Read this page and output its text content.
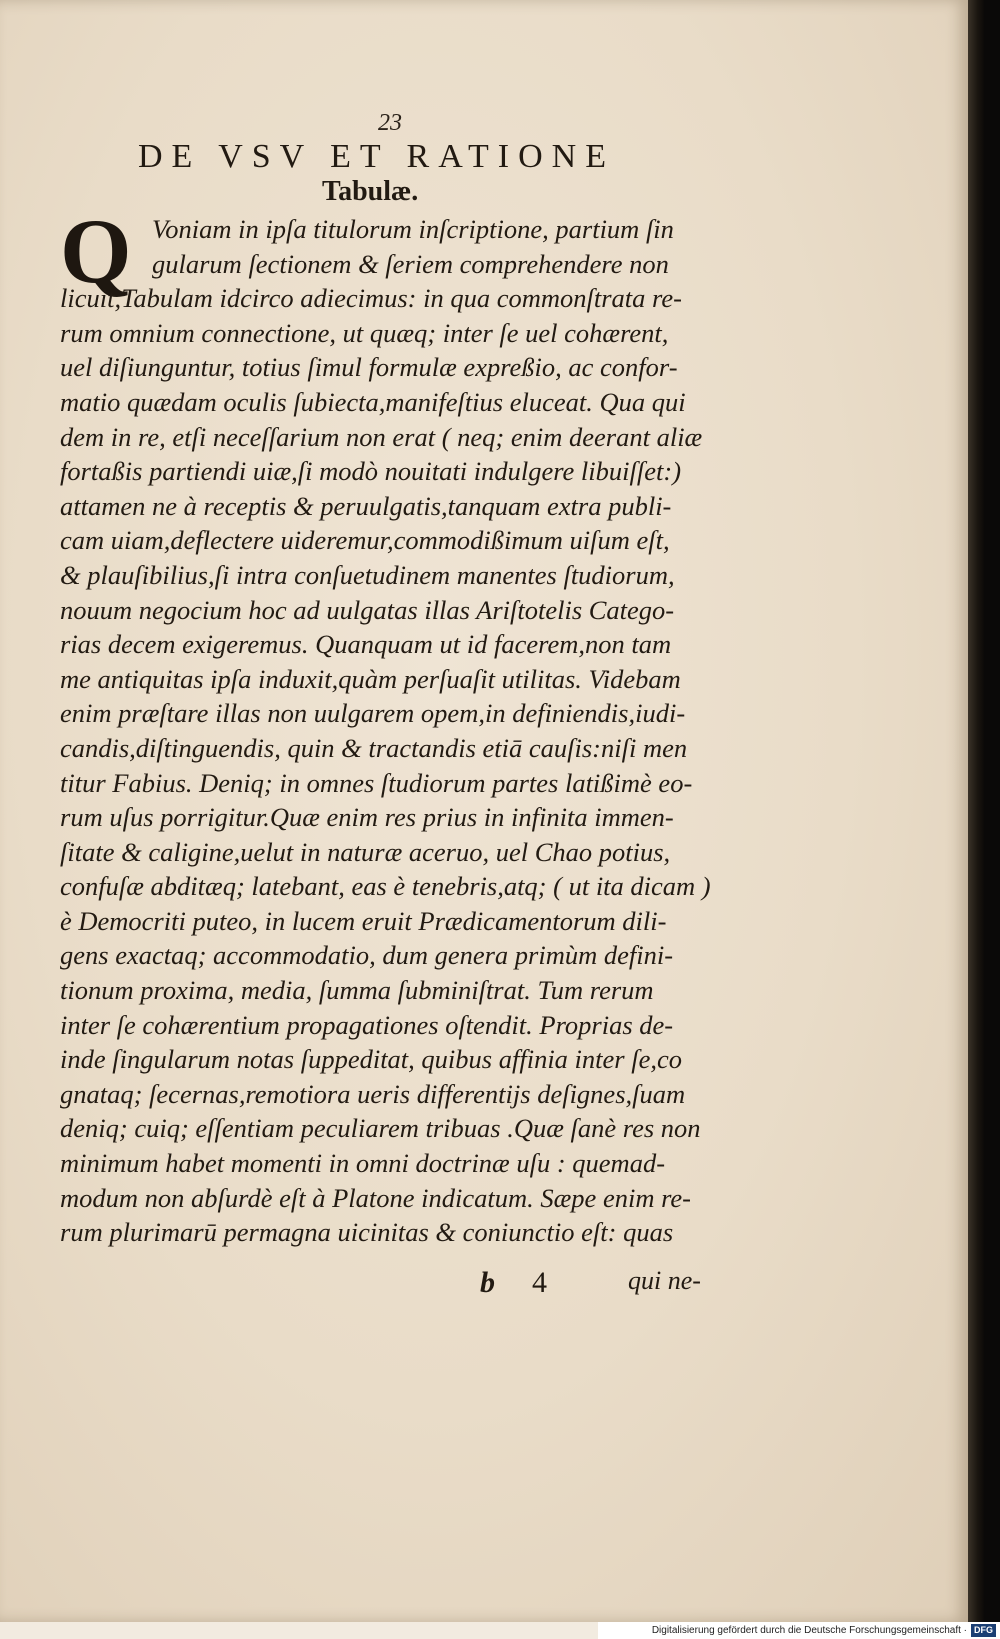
23
DE VSV ET RATIONE
Tabulæ.
Q Voniam in ipſa titulorum inſcriptione, partium ſin
gularum ſectionem & ſeriem comprehendere non
licuit,Tabulam idcirco adiecimus: in qua commonſtrata re-
rum omnium connectione, ut quæq; inter ſe uel cohærent,
uel diſiunguntur, totius ſimul formulæ expreßio, ac confor-
matio quædam oculis ſubiecta,manifeſtius eluceat. Qua qui
dem in re, etſi neceſſarium non erat ( neq; enim deerant aliæ
fortaßis partiendi uiæ,ſi modò nouitati indulgere libuiſſet:)
attamen ne à receptis & peruulgatis,tanquam extra publi-
cam uiam,deflectere uideremur,commodißimum uiſum eſt,
& plauſibilius,ſi intra conſuetudinem manentes ſtudiorum,
nouum negocium hoc ad uulgatas illas Ariſtotelis Catego-
rias decem exigeremus. Quanquam ut id facerem,non tam
me antiquitas ipſa induxit,quàm perſuaſit utilitas. Videbam
enim præſtare illas non uulgarem opem,in definiendis,iudi-
candis,diſtinguendis, quin & tractandis etiā cauſis:niſi men
titur Fabius. Deniq; in omnes ſtudiorum partes latißimè eo-
rum uſus porrigitur.Quæ enim res prius in infinita immen-
ſitate & caligine,uelut in naturæ aceruo, uel Chao potius,
confuſæ abditæq; latebant, eas è tenebris,atq; ( ut ita dicam )
è Democriti puteo, in lucem eruit Prædicamentorum dili-
gens exactaq; accommodatio, dum genera primùm defini-
tionum proxima, media, ſumma ſubminiſtrat. Tum rerum
inter ſe cohærentium propagationes oſtendit. Proprias de-
inde ſingularum notas ſuppeditat, quibus affinia inter ſe,co
gnataq; ſecernas,remotiora ueris differentijs deſignes,ſuam
deniq; cuiq; eſſentiam peculiarem tribuas .Quæ ſanè res non
minimum habet momenti in omni doctrinæ uſu : quemad-
modum non abſurdè eſt à Platone indicatum. Sæpe enim re-
rum plurimarū permagna uicinitas & coniunctio eſt: quas
b 4	qui ne-
Digitalisierung gefördert durch die Deutsche Forschungsgemeinschaft · DFG
